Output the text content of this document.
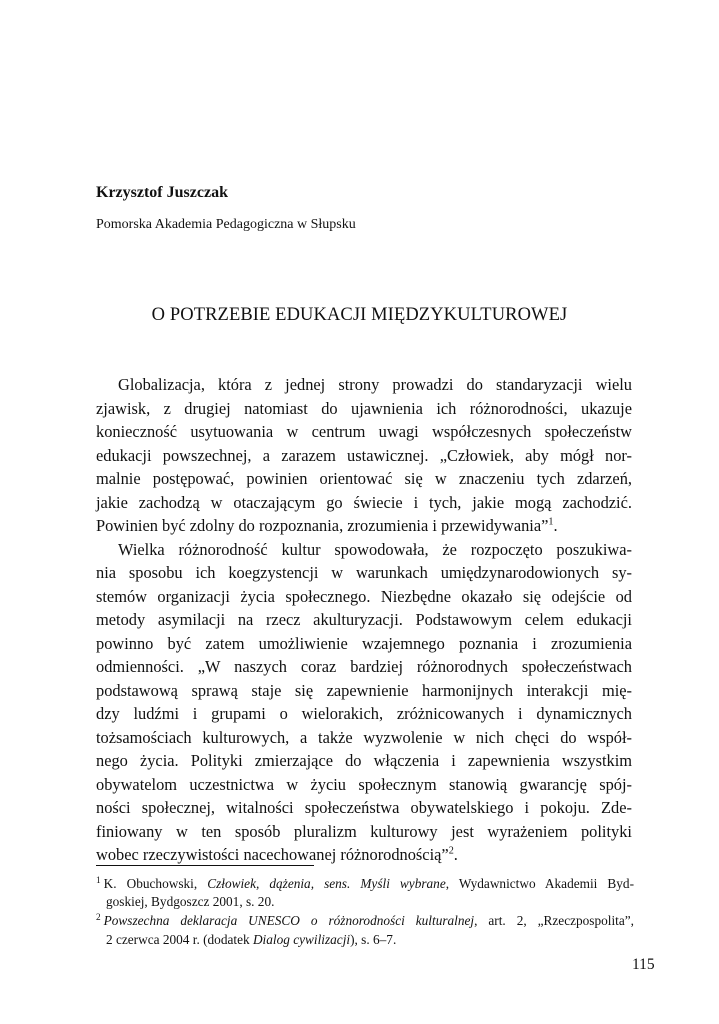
Krzysztof Juszczak
Pomorska Akademia Pedagogiczna w Słupsku
O POTRZEBIE EDUKACJI MIĘDZYKULTUROWEJ
Globalizacja, która z jednej strony prowadzi do standaryzacji wielu
zjawisk, z drugiej natomiast do ujawnienia ich różnorodności, ukazuje
konieczność usytuowania w centrum uwagi współczesnych społeczeństw
edukacji powszechnej, a zarazem ustawicznej. „Człowiek, aby mógł nor-
malnie postępować, powinien orientować się w znaczeniu tych zdarzeń,
jakie zachodzą w otaczającym go świecie i tych, jakie mogą zachodzić.
Powinien być zdolny do rozpoznania, zrozumienia i przewidywania”$^1$.
Wielka różnorodność kultur spowodowała, że rozpoczęto poszukiwa-
nia sposobu ich koegzystencji w warunkach umiędzynarodowionych sy-
stemów organizacji życia społecznego. Niezbędne okazało się odejście od
metody asymilacji na rzecz akulturyzacji. Podstawowym celem edukacji
powinno być zatem umożliwienie wzajemnego poznania i zrozumienia
odmienności. „W naszych coraz bardziej różnorodnych społeczeństwach
podstawową sprawą staje się zapewnienie harmonijnych interakcji mię-
dzy ludźmi i grupami o wielorakich, zróżnicowanych i dynamicznych
tożsamościach kulturowych, a także wyzwolenie w nich chęci do współ-
nego życia. Polityki zmierzające do włączenia i zapewnienia wszystkim
obywatelom uczestnictwa w życiu społecznym stanowią gwarancję spój-
ności społecznej, witalności społeczeństwa obywatelskiego i pokoju. Zde-
finiowany w ten sposób pluralizm kulturowy jest wyrażeniem polityki
wobec rzeczywistości nacechowanej różnorodnością”$^2$.
$^1$ K. Obuchowski, Człowiek, dążenia, sens. Myśli wybrane, Wydawnictwo Akademii Byd-
goskiej, Bydgoszcz 2001, s. 20.
$^2$ Powszechna deklaracja UNESCO o różnorodności kulturalnej, art. 2, „Rzeczpospolita”,
2 czerwca 2004 r. (dodatek Dialog cywilizacji), s. 6–7.
115
